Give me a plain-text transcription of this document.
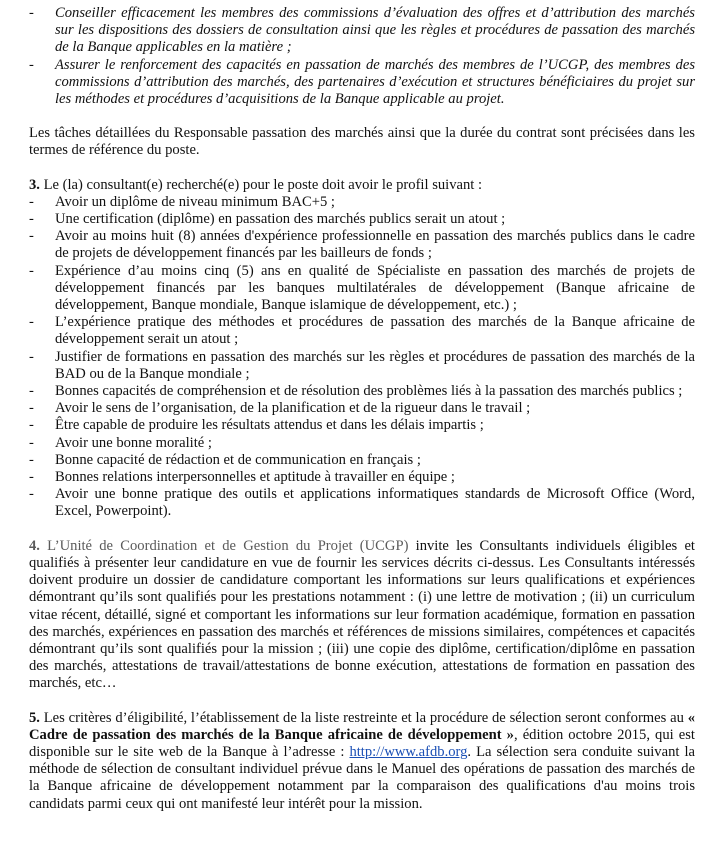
- Conseiller efficacement les membres des commissions d’évaluation des offres et d’attribution des marchés sur les dispositions des dossiers de consultation ainsi que les règles et procédures de passation des marchés de la Banque applicables en la matière ;
- Assurer le renforcement des capacités en passation de marchés des membres de l’UCGP, des membres des commissions d’attribution des marchés, des partenaires d’exécution et structures bénéficiaires du projet sur les méthodes et procédures d’acquisitions de la Banque applicable au projet.

Les tâches détaillées du Responsable passation des marchés ainsi que la durée du contrat sont précisées dans les termes de référence du poste.

3. Le (la) consultant(e) recherché(e) pour le poste doit avoir le profil suivant :

- Avoir un diplôme de niveau minimum BAC+5 ;
- Une certification (diplôme) en passation des marchés publics serait un atout ;
- Avoir au moins huit (8) années d'expérience professionnelle en passation des marchés publics dans le cadre de projets de développement financés par les bailleurs de fonds ;
- Expérience d’au moins cinq (5) ans en qualité de Spécialiste en passation des marchés de projets de développement financés par les banques multilatérales de développement (Banque africaine de développement, Banque mondiale, Banque islamique de développement, etc.) ;
- L’expérience pratique des méthodes et procédures de passation des marchés de la Banque africaine de développement serait un atout ;
- Justifier de formations en passation des marchés sur les règles et procédures de passation des marchés de la BAD ou de la Banque mondiale ;
- Bonnes capacités de compréhension et de résolution des problèmes liés à la passation des marchés publics ;
- Avoir le sens de l’organisation, de la planification et de la rigueur dans le travail ;
- Être capable de produire les résultats attendus et dans les délais impartis ;
- Avoir une bonne moralité ;
- Bonne capacité de rédaction et de communication en français ;
- Bonnes relations interpersonnelles et aptitude à travailler en équipe ;
- Avoir une bonne pratique des outils et applications informatiques standards de Microsoft Office (Word, Excel, Powerpoint).

4. L’Unité de Coordination et de Gestion du Projet (UCGP) invite les Consultants individuels éligibles et qualifiés à présenter leur candidature en vue de fournir les services décrits ci-dessus. Les Consultants intéressés doivent produire un dossier de candidature comportant les informations sur leurs qualifications et expériences démontrant qu’ils sont qualifiés pour les prestations notamment : (i) une lettre de motivation ; (ii) un curriculum vitae récent, détaillé, signé et comportant les informations sur leur formation académique, formation en passation des marchés, expériences en passation des marchés et références de missions similaires, compétences et capacités démontrant qu’ils sont qualifiés pour la mission ; (iii) une copie des diplôme, certification/diplôme en passation des marchés, attestations de travail/attestations de bonne exécution, attestations de formation en passation des marchés, etc…

5. Les critères d’éligibilité, l’établissement de la liste restreinte et la procédure de sélection seront conformes au « Cadre de passation des marchés de la Banque africaine de développement », édition octobre 2015, qui est disponible sur le site web de la Banque à l’adresse : http://www.afdb.org. La sélection sera conduite suivant la méthode de sélection de consultant individuel prévue dans le Manuel des opérations de passation des marchés de la Banque africaine de développement notamment par la comparaison des qualifications d'au moins trois candidats parmi ceux qui ont manifesté leur intérêt pour la mission.
